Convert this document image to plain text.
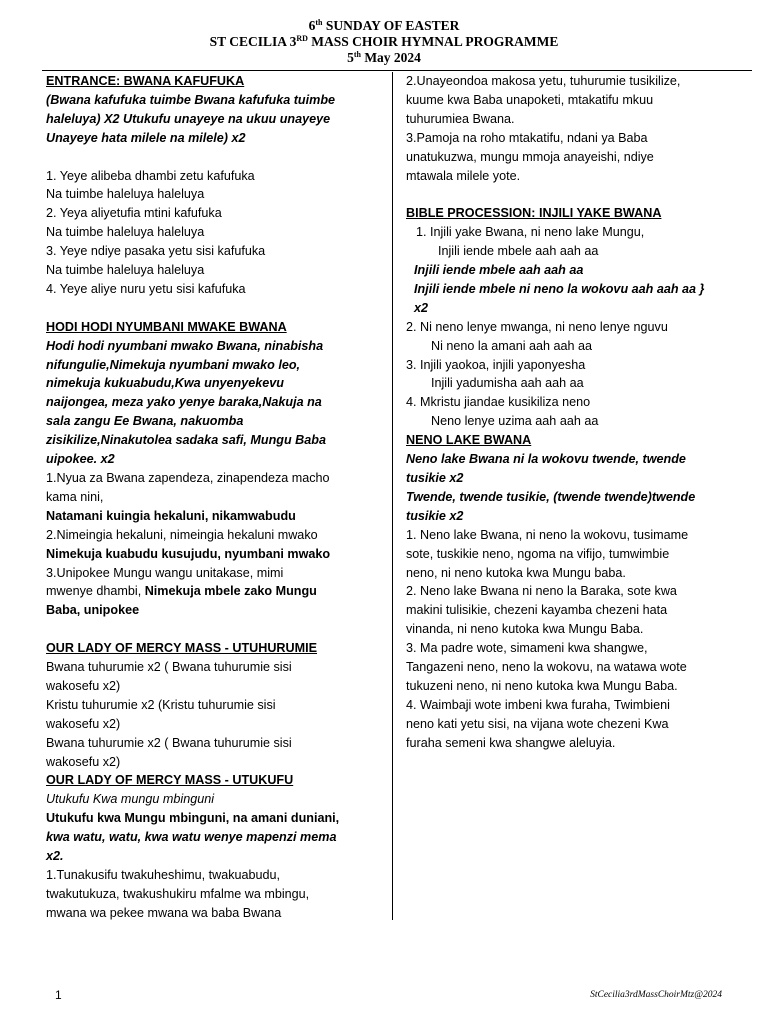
6th SUNDAY OF EASTER
ST CECILIA 3RD MASS CHOIR HYMNAL PROGRAMME
5th May 2024
ENTRANCE: BWANA KAFUFUKA
(Bwana kafufuka tuimbe Bwana kafufuka tuimbe
haleluya) X2 Utukufu unayeye na ukuu unayeye
Unayeye hata milele na milele) x2
1. Yeye alibeba dhambi zetu kafufuka
Na tuimbe haleluya haleluya
2. Yeya aliyetufia mtini kafufuka
Na tuimbe haleluya haleluya
3. Yeye ndiye pasaka yetu sisi kafufuka
Na tuimbe haleluya haleluya
4. Yeye aliye nuru yetu sisi kafufuka
HODI HODI NYUMBANI MWAKE BWANA
Hodi hodi nyumbani mwako Bwana, ninabisha
nifungulie,Nimekuja nyumbani mwako leo,
nimekuja kukuabudu,Kwa unyenyekevu
naijongea, meza yako yenye baraka,Nakuja na
sala zangu Ee Bwana, nakuomba
zisikilize,Ninakutolea sadaka safi, Mungu Baba
uipokee. x2
1.Nyua za Bwana zapendeza, zinapendeza macho
kama nini,
Natamani kuingia hekaluni, nikamwabudu
2.Nimeingia hekaluni, nimeingia hekaluni mwako
Nimekuja kuabudu kusujudu, nyumbani mwako
3.Unipokee Mungu wangu unitakase, mimi
mwenye dhambi, Nimekuja mbele zako Mungu
Baba, unipokee
OUR LADY OF MERCY MASS - UTUHURUMIE
Bwana tuhurumie x2 ( Bwana tuhurumie sisi
wakosefu x2)
Kristu tuhurumie x2 (Kristu tuhurumie sisi
wakosefu x2)
Bwana tuhurumie x2 ( Bwana tuhurumie sisi
wakosefu x2)
OUR LADY OF MERCY MASS - UTUKUFU
Utukufu Kwa mungu mbinguni
Utukufu kwa Mungu mbinguni, na amani duniani,
kwa watu, watu, kwa watu wenye mapenzi mema
x2.
1.Tunakusifu twakuheshimu, twakuabudu,
twakutukuza, twakushukiru mfalme wa mbingu,
mwana wa pekee mwana wa baba Bwana
2.Unayeondoa makosa yetu, tuhurumie tusikilize,
kuume kwa Baba unapoketi, mtakatifu mkuu
tuhurumiea Bwana.
3.Pamoja na roho mtakatifu, ndani ya Baba
unatukuzwa, mungu mmoja anayeishi, ndiye
mtawala milele yote.
BIBLE PROCESSION: INJILI YAKE BWANA
1. Injili yake Bwana, ni neno lake Mungu,
Injili iende mbele aah aah aa
Injili iende mbele aah aah aa
Injili iende mbele ni neno la wokovu aah aah aa }
x2
2. Ni neno lenye mwanga, ni neno lenye nguvu
Ni neno la amani aah aah aa
3. Injili yaokoa, injili yaponyesha
Injili yadumisha aah aah aa
4. Mkristu jiandae kusikiliza neno
Neno lenye uzima aah aah aa
NENO LAKE BWANA
Neno lake Bwana ni la wokovu twende, twende
tusikie x2
Twende, twende tusikie, (twende twende)twende
tusikie x2
1. Neno lake Bwana, ni neno la wokovu, tusimame
sote, tuskikie neno, ngoma na vifijo, tumwimbie
neno, ni neno kutoka kwa Mungu baba.
2. Neno lake Bwana ni neno la Baraka, sote kwa
makini tulisikie, chezeni kayamba chezeni hata
vinanda, ni neno kutoka kwa Mungu Baba.
3. Ma padre wote, simameni kwa shangwe,
Tangazeni neno, neno la wokovu, na watawa wote
tukuzeni neno, ni neno kutoka kwa Mungu Baba.
4. Waimbaji wote imbeni kwa furaha, Twimbieni
neno kati yetu sisi, na vijana wote chezeni Kwa
furaha semeni kwa shangwe aleluyia.
1	StCecilia3rdMassChoirMtz@2024
